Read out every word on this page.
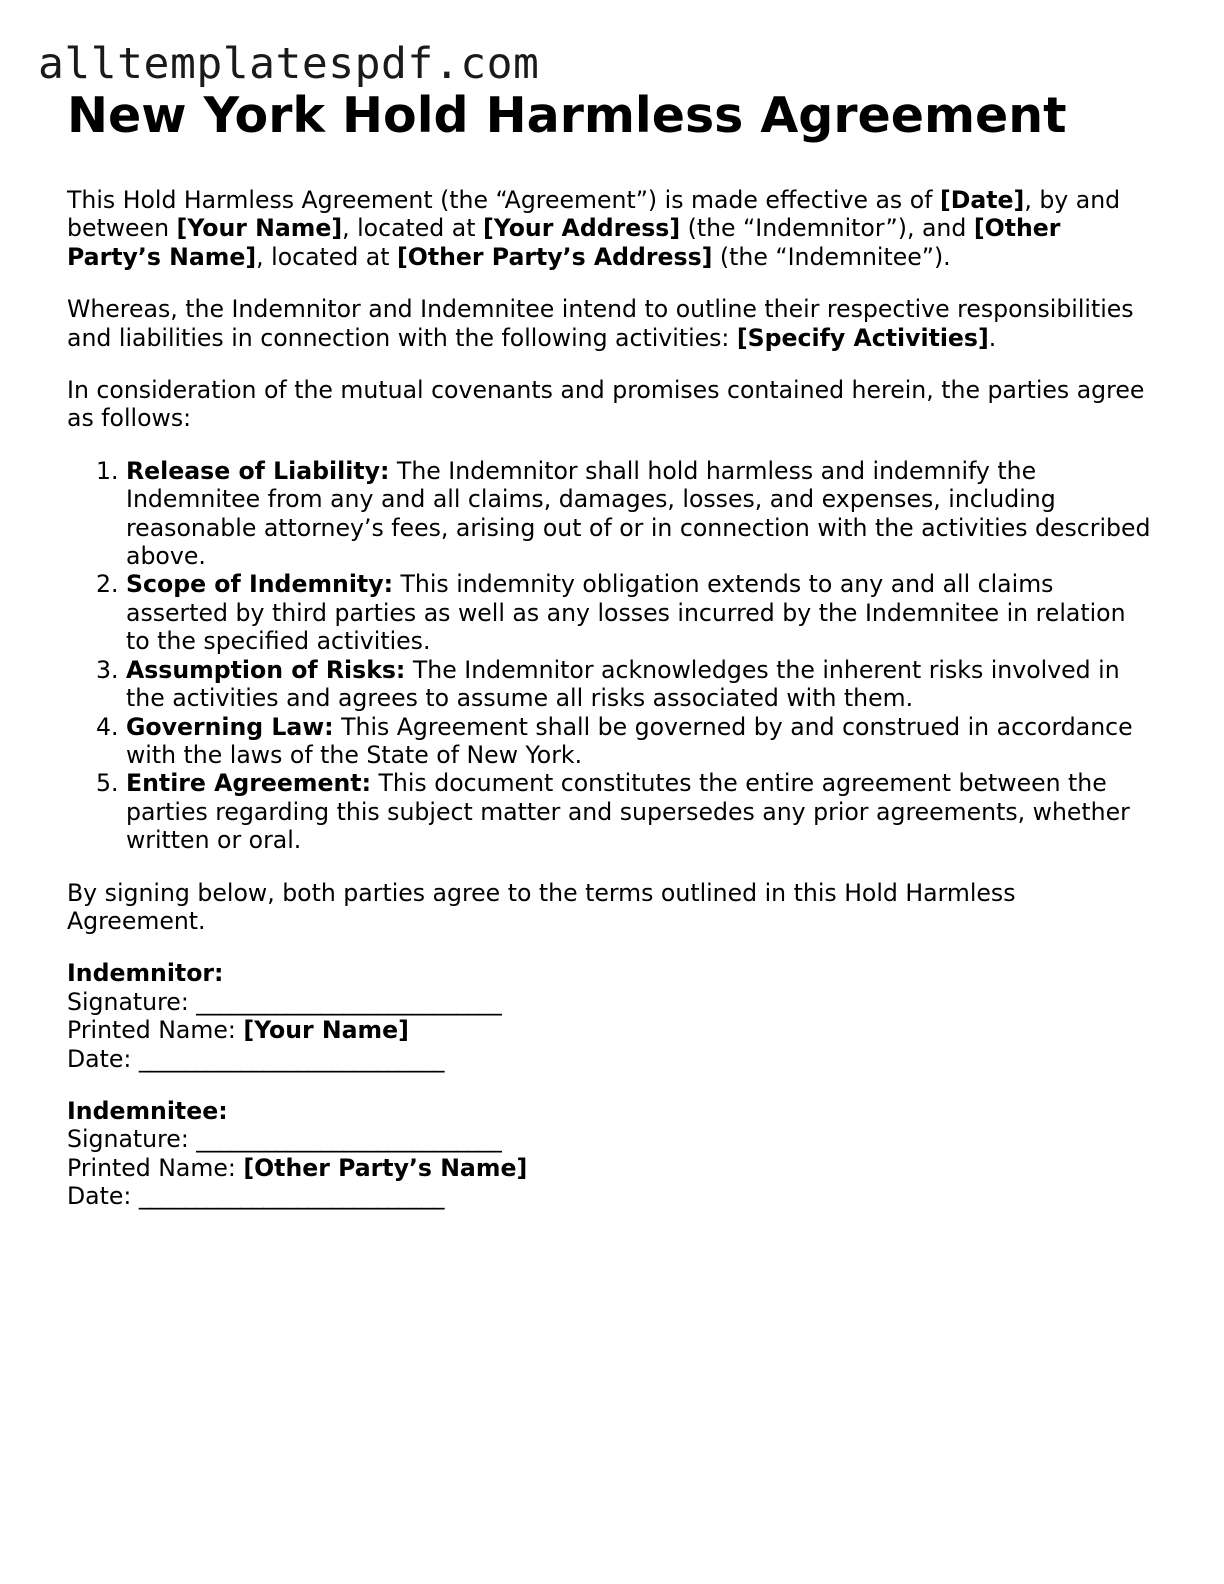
alltemplatespdf.com
New York Hold Harmless Agreement

This Hold Harmless Agreement (the “Agreement”) is made effective as of [Date], by and between [Your Name], located at [Your Address] (the “Indemnitor”), and [Other Party’s Name], located at [Other Party’s Address] (the “Indemnitee”).

Whereas, the Indemnitor and Indemnitee intend to outline their respective responsibilities and liabilities in connection with the following activities: [Specify Activities].

In consideration of the mutual covenants and promises contained herein, the parties agree as follows:

1. Release of Liability: The Indemnitor shall hold harmless and indemnify the Indemnitee from any and all claims, damages, losses, and expenses, including reasonable attorney’s fees, arising out of or in connection with the activities described above.
2. Scope of Indemnity: This indemnity obligation extends to any and all claims asserted by third parties as well as any losses incurred by the Indemnitee in relation to the specified activities.
3. Assumption of Risks: The Indemnitor acknowledges the inherent risks involved in the activities and agrees to assume all risks associated with them.
4. Governing Law: This Agreement shall be governed by and construed in accordance with the laws of the State of New York.
5. Entire Agreement: This document constitutes the entire agreement between the parties regarding this subject matter and supersedes any prior agreements, whether written or oral.

By signing below, both parties agree to the terms outlined in this Hold Harmless Agreement.

Indemnitor:
Signature: ___________________________
Printed Name: [Your Name]
Date: ___________________________
Indemnitee:
Signature: ___________________________
Printed Name: [Other Party’s Name]
Date: ___________________________
